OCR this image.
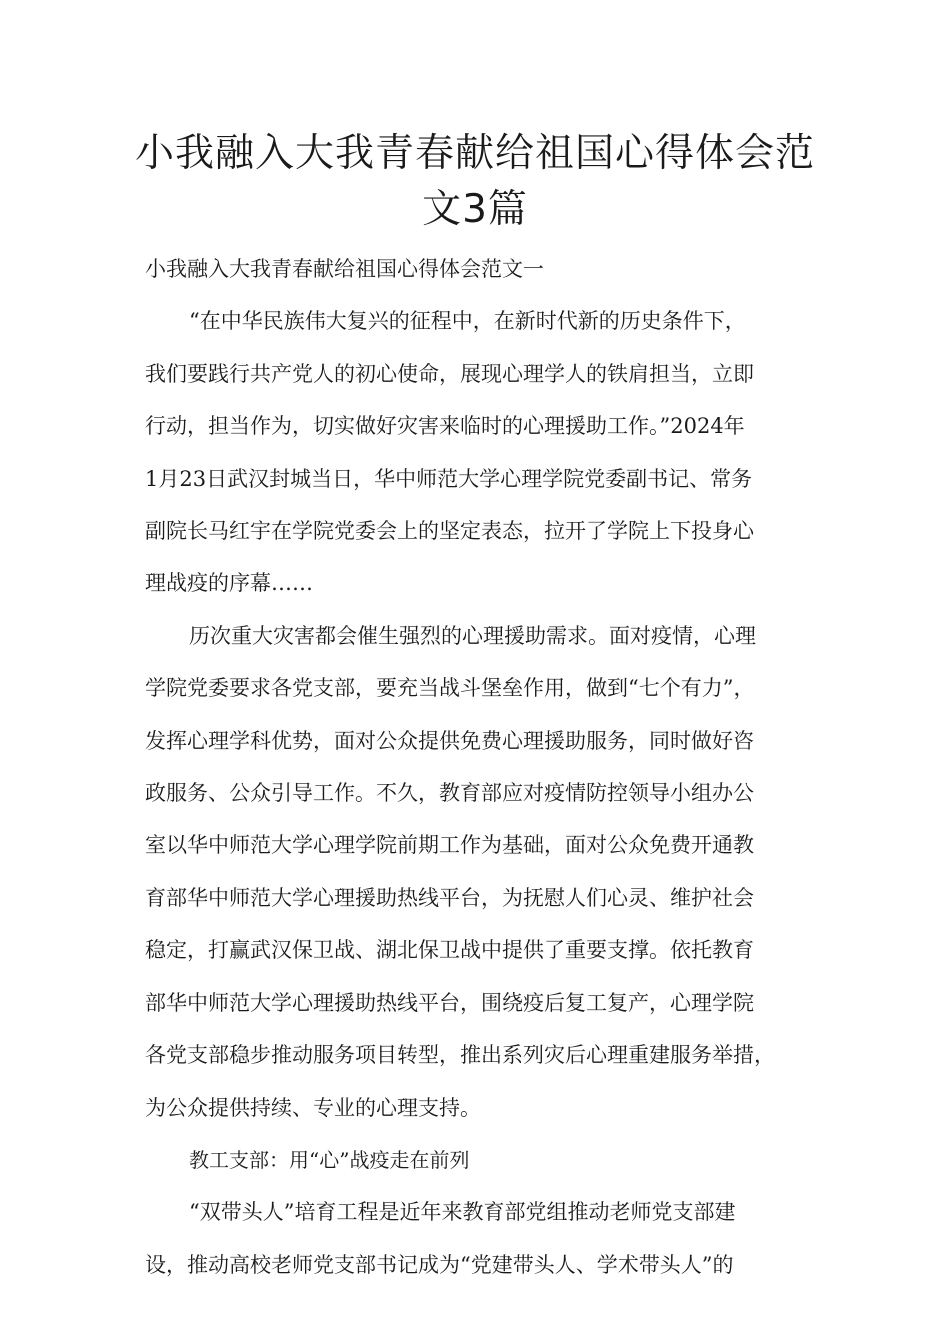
小我融入大我青春献给祖国心得体会范
文3篇
小我融入大我青春献给祖国心得体会范文一

“在中华民族伟大复兴的征程中，在新时代新的历史条件下，
我们要践行共产党人的初心使命，展现心理学人的铁肩担当，立即
行动，担当作为，切实做好灾害来临时的心理援助工作。”2024年
1月23日武汉封城当日，华中师范大学心理学院党委副书记、常务
副院长马红宇在学院党委会上的坚定表态，拉开了学院上下投身心
理战疫的序幕……

历次重大灾害都会催生强烈的心理援助需求。面对疫情，心理
学院党委要求各党支部，要充当战斗堡垒作用，做到“七个有力”，
发挥心理学科优势，面对公众提供免费心理援助服务，同时做好咨
政服务、公众引导工作。不久，教育部应对疫情防控领导小组办公
室以华中师范大学心理学院前期工作为基础，面对公众免费开通教
育部华中师范大学心理援助热线平台，为抚慰人们心灵、维护社会
稳定，打赢武汉保卫战、湖北保卫战中提供了重要支撑。依托教育
部华中师范大学心理援助热线平台，围绕疫后复工复产，心理学院
各党支部稳步推动服务项目转型，推出系列灾后心理重建服务举措，
为公众提供持续、专业的心理支持。

教工支部：用“心”战疫走在前列

“双带头人”培育工程是近年来教育部党组推动老师党支部建
设，推动高校老师党支部书记成为“党建带头人、学术带头人”的
